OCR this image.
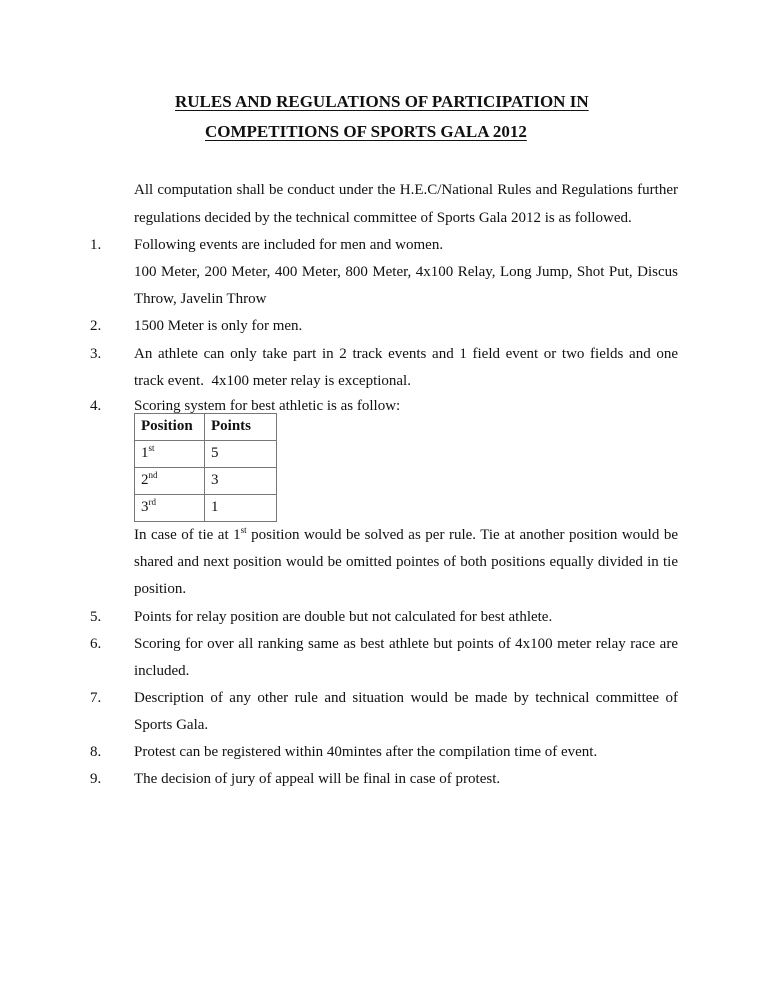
RULES AND REGULATIONS OF PARTICIPATION IN
COMPETITIONS OF SPORTS GALA 2012
All computation shall be conduct under the H.E.C/National Rules and Regulations further
regulations decided by the technical committee of Sports Gala 2012 is as followed.
1. Following events are included for men and women.
100 Meter, 200 Meter, 400 Meter, 800 Meter, 4x100 Relay, Long Jump, Shot Put, Discus
Throw, Javelin Throw
2. 1500 Meter is only for men.
3. An athlete can only take part in 2 track events and 1 field event or two fields and one
track event.  4x100 meter relay is exceptional.
4. Scoring system for best athletic is as follow:
Position	Points
1st	5
2nd	3
3rd	1
In case of tie at 1st position would be solved as per rule. Tie at another position would be
shared and next position would be omitted pointes of both positions equally divided in tie
position.
5. Points for relay position are double but not calculated for best athlete.
6. Scoring for over all ranking same as best athlete but points of 4x100 meter relay race are
included.
7. Description of any other rule and situation would be made by technical committee of
Sports Gala.
8. Protest can be registered within 40mintes after the compilation time of event.
9. The decision of jury of appeal will be final in case of protest.
